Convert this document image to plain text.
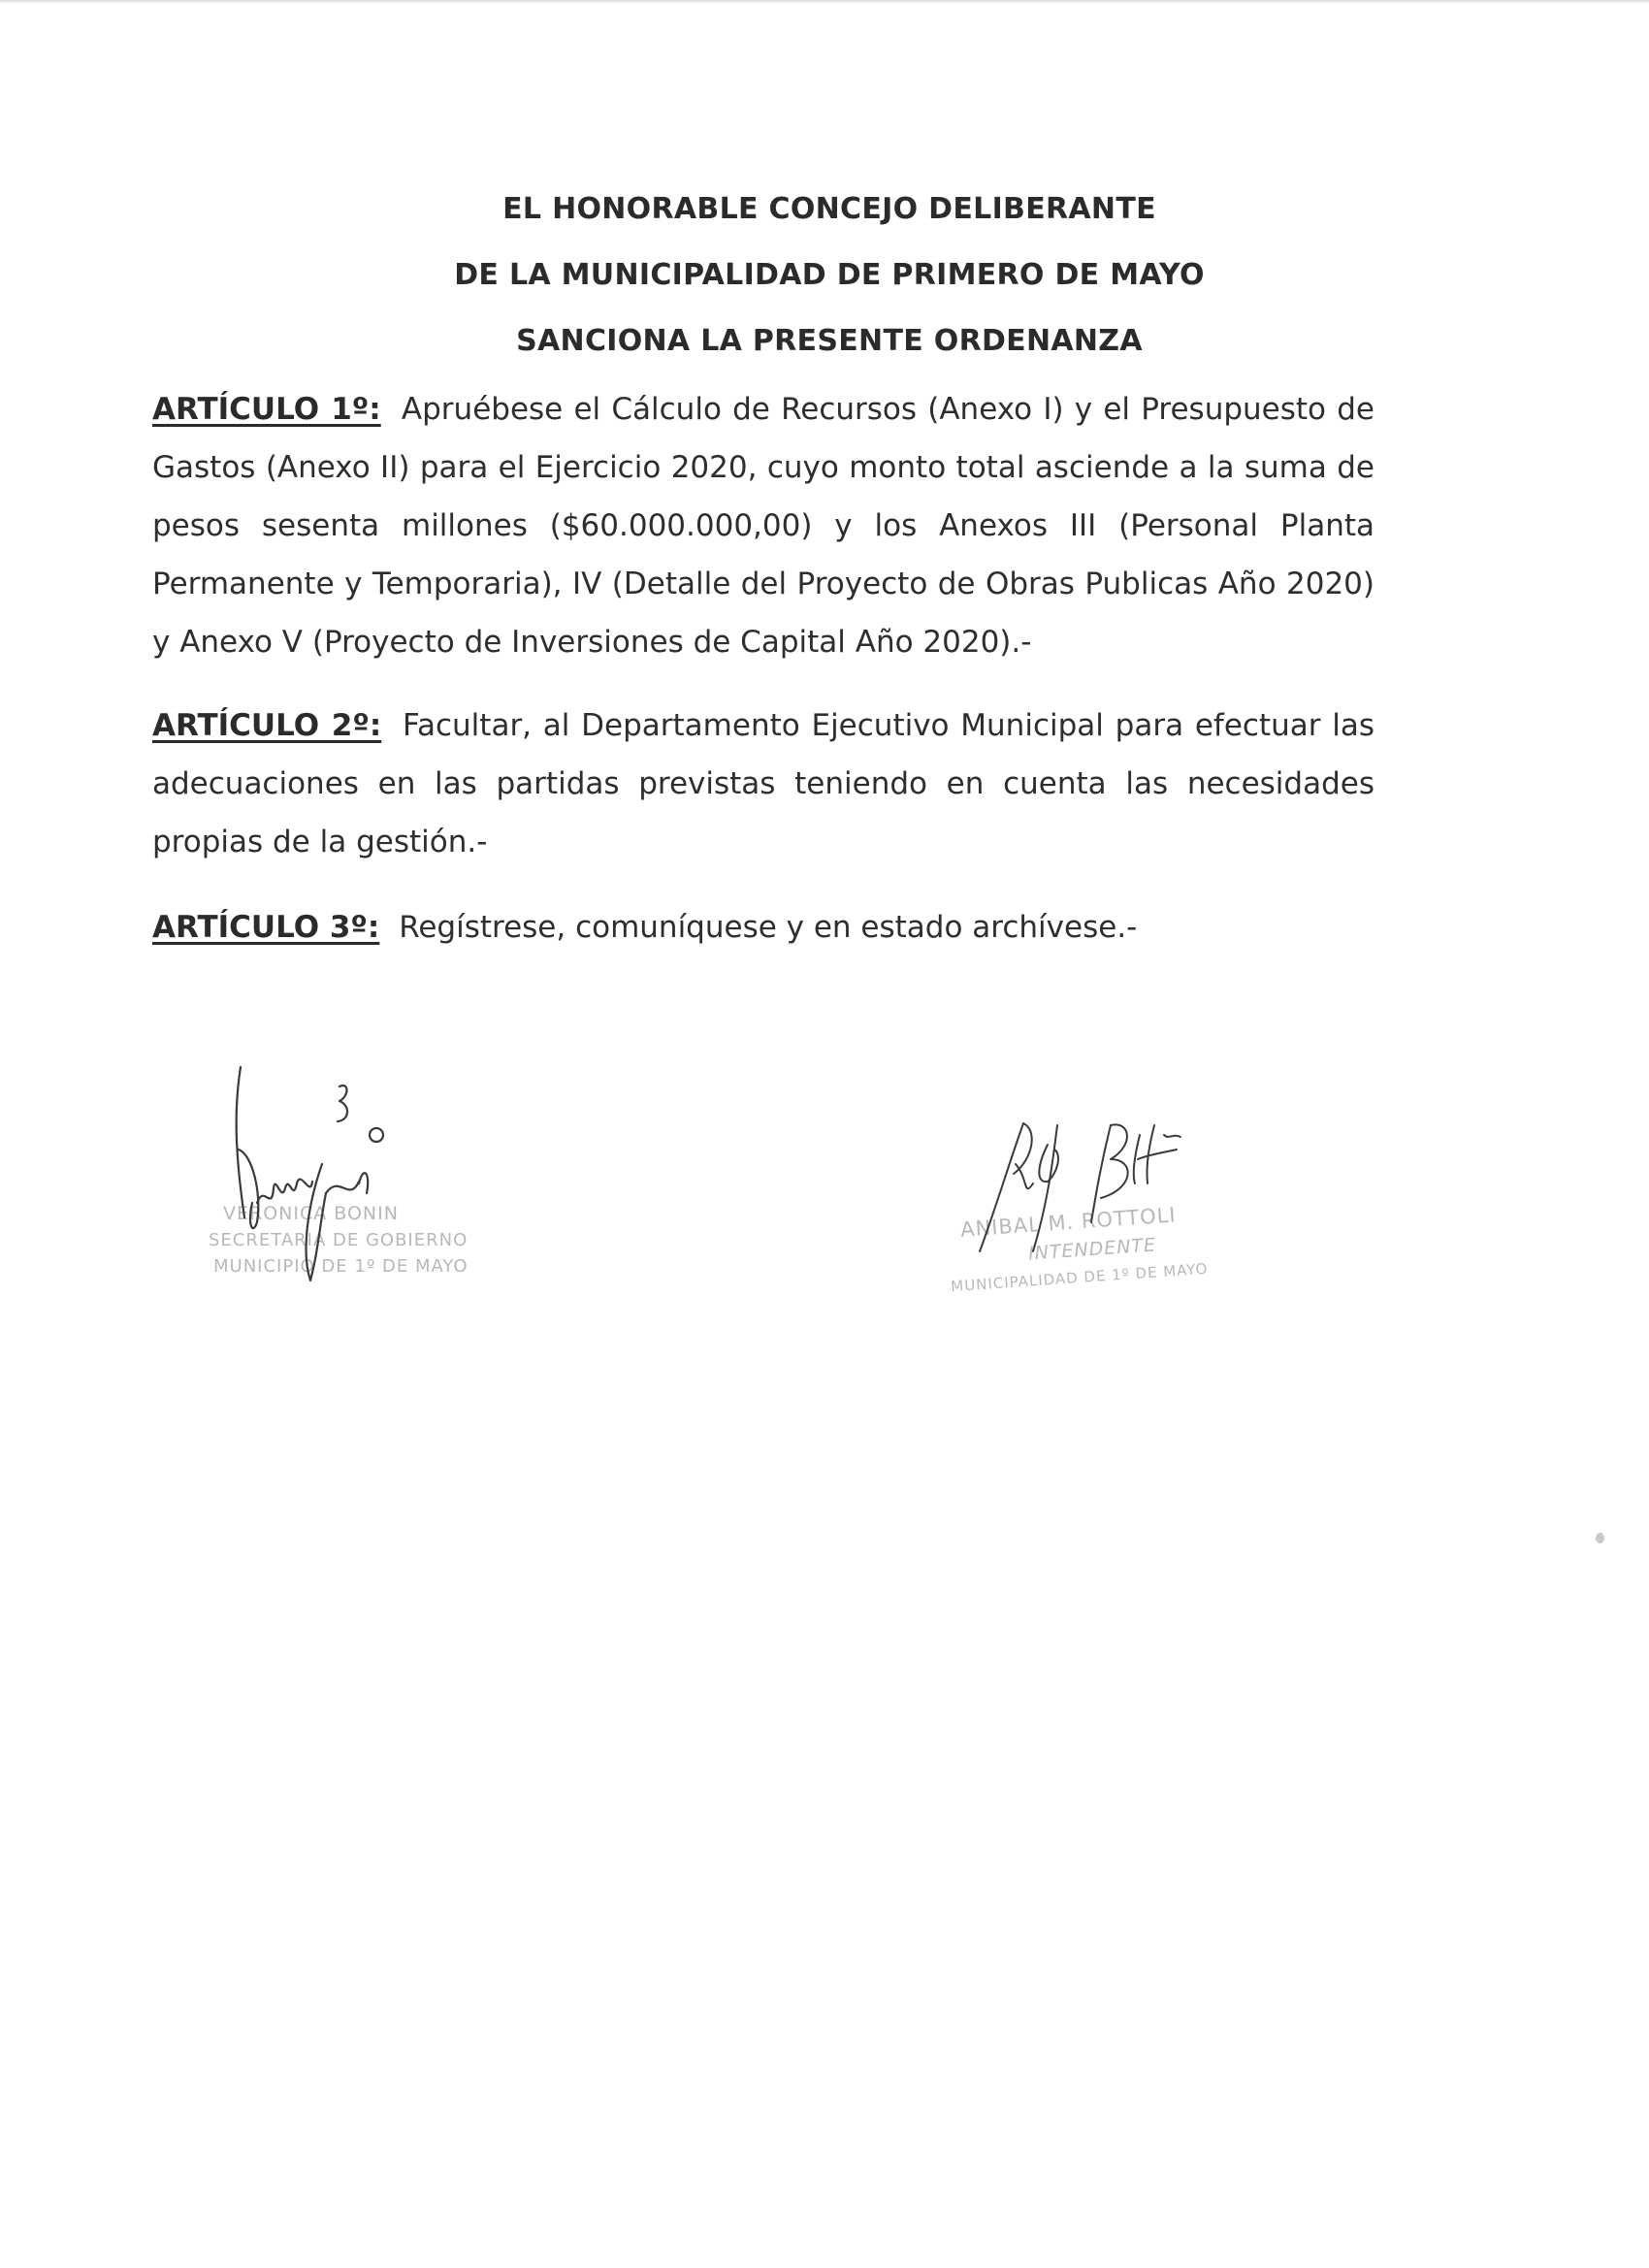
EL HONORABLE CONCEJO DELIBERANTE
DE LA MUNICIPALIDAD DE PRIMERO DE MAYO
SANCIONA LA PRESENTE ORDENANZA
ARTÍCULO 1º: Apruébese el Cálculo de Recursos (Anexo I) y el Presupuesto de Gastos (Anexo II) para el Ejercicio 2020, cuyo monto total asciende a la suma de pesos sesenta millones ($60.000.000,00) y los Anexos III (Personal Planta Permanente y Temporaria), IV (Detalle del Proyecto de Obras Publicas Año 2020) y Anexo V (Proyecto de Inversiones de Capital Año 2020).-
ARTÍCULO 2º: Facultar, al Departamento Ejecutivo Municipal para efectuar las adecuaciones en las partidas previstas teniendo en cuenta las necesidades propias de la gestión.-
ARTÍCULO 3º: Regístrese, comuníquese y en estado archívese.-
VERONICA BONIN
SECRETARIA DE GOBIERNO
MUNICIPIO DE 1º DE MAYO
ANIBAL M. ROTTOLI
INTENDENTE
MUNICIPALIDAD DE 1º DE MAYO
